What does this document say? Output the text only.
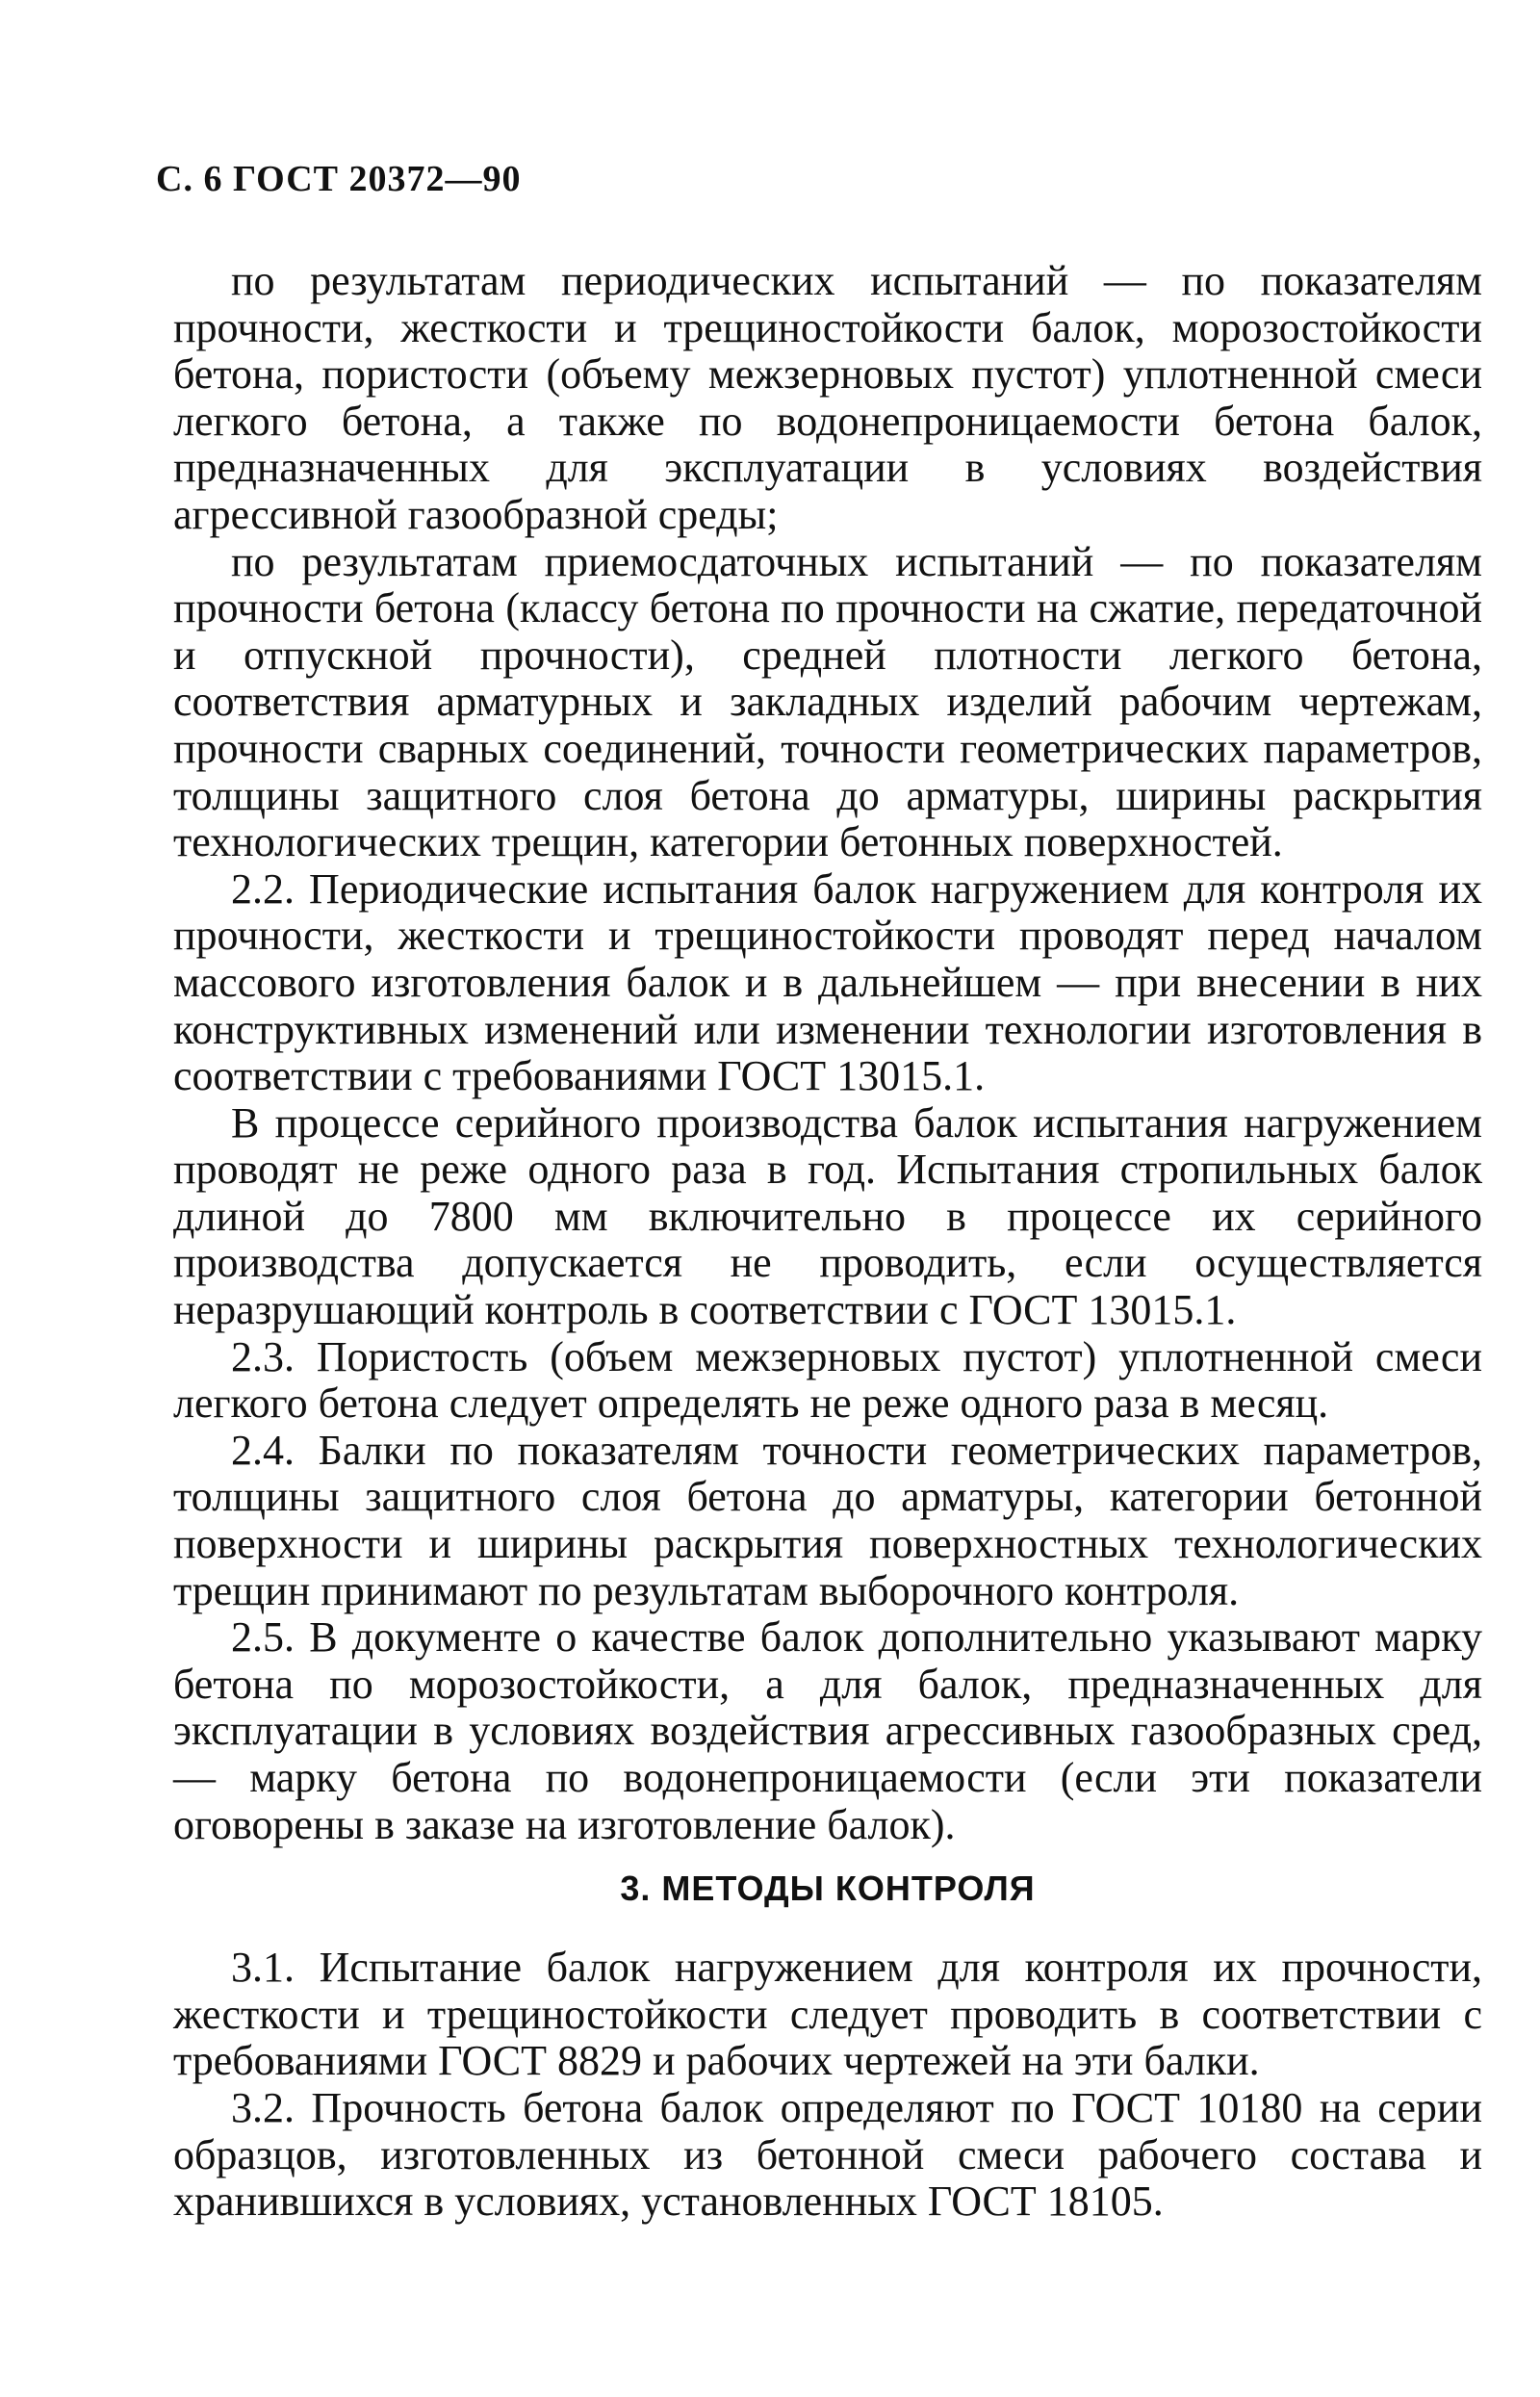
С. 6 ГОСТ 20372—90

по результатам периодических испытаний — по показателям прочности, жесткости и трещиностойкости балок, морозостойкости бетона, пористости (объему межзерновых пустот) уплотненной смеси легкого бетона, а также по водонепроницаемости бетона балок, предназначенных для эксплуатации в условиях воздействия агрессивной газообразной среды;

по результатам приемосдаточных испытаний — по показателям прочности бетона (классу бетона по прочности на сжатие, передаточной и отпускной прочности), средней плотности легкого бетона, соответствия арматурных и закладных изделий рабочим чертежам, прочности сварных соединений, точности геометрических параметров, толщины защитного слоя бетона до арматуры, ширины раскрытия технологических трещин, категории бетонных поверхностей.

2.2. Периодические испытания балок нагружением для контроля их прочности, жесткости и трещиностойкости проводят перед началом массового изготовления балок и в дальнейшем — при внесении в них конструктивных изменений или изменении технологии изготовления в соответствии с требованиями ГОСТ 13015.1.

В процессе серийного производства балок испытания нагружением проводят не реже одного раза в год. Испытания стропильных балок длиной до 7800 мм включительно в процессе их серийного производства допускается не проводить, если осуществляется неразрушающий контроль в соответствии с ГОСТ 13015.1.

2.3. Пористость (объем межзерновых пустот) уплотненной смеси легкого бетона следует определять не реже одного раза в месяц.

2.4. Балки по показателям точности геометрических параметров, толщины защитного слоя бетона до арматуры, категории бетонной поверхности и ширины раскрытия поверхностных технологических трещин принимают по результатам выборочного контроля.

2.5. В документе о качестве балок дополнительно указывают марку бетона по морозостойкости, а для балок, предназначенных для эксплуатации в условиях воздействия агрессивных газообразных сред, — марку бетона по водонепроницаемости (если эти показатели оговорены в заказе на изготовление балок).

3. МЕТОДЫ КОНТРОЛЯ

3.1. Испытание балок нагружением для контроля их прочности, жесткости и трещиностойкости следует проводить в соответствии с требованиями ГОСТ 8829 и рабочих чертежей на эти балки.

3.2. Прочность бетона балок определяют по ГОСТ 10180 на серии образцов, изготовленных из бетонной смеси рабочего состава и хранившихся в условиях, установленных ГОСТ 18105.
